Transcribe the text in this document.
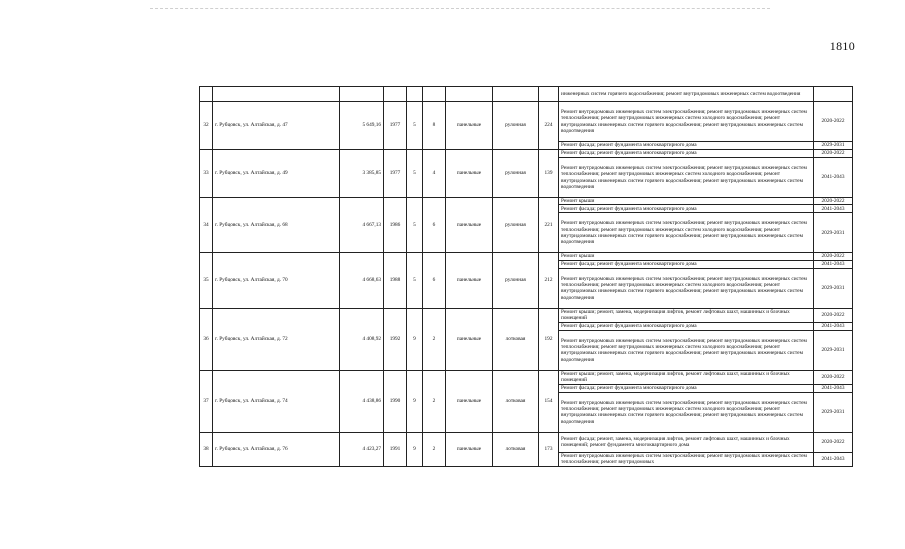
1810
									инженерных систем горячего водоснабжения; ремонт внутридомовых инженерных систем водоотведения	
32	г. Рубцовск, ул. Алтайская, д. 47	5 649,16	1977	5	8	панельные	рулонная	224	Ремонт внутридомовых инженерных систем электроснабжения; ремонт внутридомовых инженерных систем теплоснабжения; ремонт внутридомовых инженерных систем холодного водоснабжения; ремонт внутридомовых инженерных систем горячего водоснабжения; ремонт внутридомовых инженерных систем водоотведения	2020-2022
									Ремонт фасада; ремонт фундамента многоквартирного дома	2029-2031
33	г. Рубцовск, ул. Алтайская, д. 49	3 385,85	1977	5	4	панельные	рулонная	139	Ремонт фасада; ремонт фундамента многоквартирного дома	2020-2022
									Ремонт внутридомовых инженерных систем электроснабжения; ремонт внутридомовых инженерных систем теплоснабжения; ремонт внутридомовых инженерных систем холодного водоснабжения; ремонт внутридомовых инженерных систем горячего водоснабжения; ремонт внутридомовых инженерных систем водоотведения	2041-2043
34	г. Рубцовск, ул. Алтайская, д. 68	4 667,13	1986	5	6	панельные	рулонная	221	Ремонт крыши	2020-2022
									Ремонт фасада; ремонт фундамента многоквартирного дома	2041-2043
									Ремонт внутридомовых инженерных систем электроснабжения; ремонт внутридомовых инженерных систем теплоснабжения; ремонт внутридомовых инженерных систем холодного водоснабжения; ремонт внутридомовых инженерных систем горячего водоснабжения; ремонт внутридомовых инженерных систем водоотведения	2029-2031
35	г. Рубцовск, ул. Алтайская, д. 70	4 668,63	1988	5	6	панельные	рулонная	212	Ремонт крыши	2020-2022
									Ремонт фасада; ремонт фундамента многоквартирного дома	2041-2043
									Ремонт внутридомовых инженерных систем электроснабжения; ремонт внутридомовых инженерных систем теплоснабжения; ремонт внутридомовых инженерных систем холодного водоснабжения; ремонт внутридомовых инженерных систем горячего водоснабжения; ремонт внутридомовых инженерных систем водоотведения	2029-2031
36	г. Рубцовск, ул. Алтайская, д. 72	4 408,92	1992	9	2	панельные	лотковая	192	Ремонт крыши; ремонт, замена, модернизация лифтов, ремонт лифтовых шахт, машинных и блочных помещений	2020-2022
									Ремонт фасада; ремонт фундамента многоквартирного дома	2041-2043
									Ремонт внутридомовых инженерных систем электроснабжения; ремонт внутридомовых инженерных систем теплоснабжения; ремонт внутридомовых инженерных систем холодного водоснабжения; ремонт внутридомовых инженерных систем горячего водоснабжения; ремонт внутридомовых инженерных систем водоотведения	2029-2031
37	г. Рубцовск, ул. Алтайская, д. 74	4 438,86	1990	9	2	панельные	лотковая	154	Ремонт крыши; ремонт, замена, модернизация лифтов, ремонт лифтовых шахт, машинных и блочных помещений	2020-2022
									Ремонт фасада; ремонт фундамента многоквартирного дома	2041-2043
									Ремонт внутридомовых инженерных систем электроснабжения; ремонт внутридомовых инженерных систем теплоснабжения; ремонт внутридомовых инженерных систем холодного водоснабжения; ремонт внутридомовых инженерных систем горячего водоснабжения; ремонт внутридомовых инженерных систем водоотведения	2029-2031
38	г. Рубцовск, ул. Алтайская, д. 76	4 423,27	1991	9	2	панельные	лотковая	173	Ремонт фасада; ремонт, замена, модернизация лифтов, ремонт лифтовых шахт, машинных и блочных помещений; ремонт фундамента многоквартирного дома	2020-2022
									Ремонт внутридомовых инженерных систем электроснабжения; ремонт внутридомовых инженерных систем теплоснабжения; ремонт внутридомовых	2041-2043
